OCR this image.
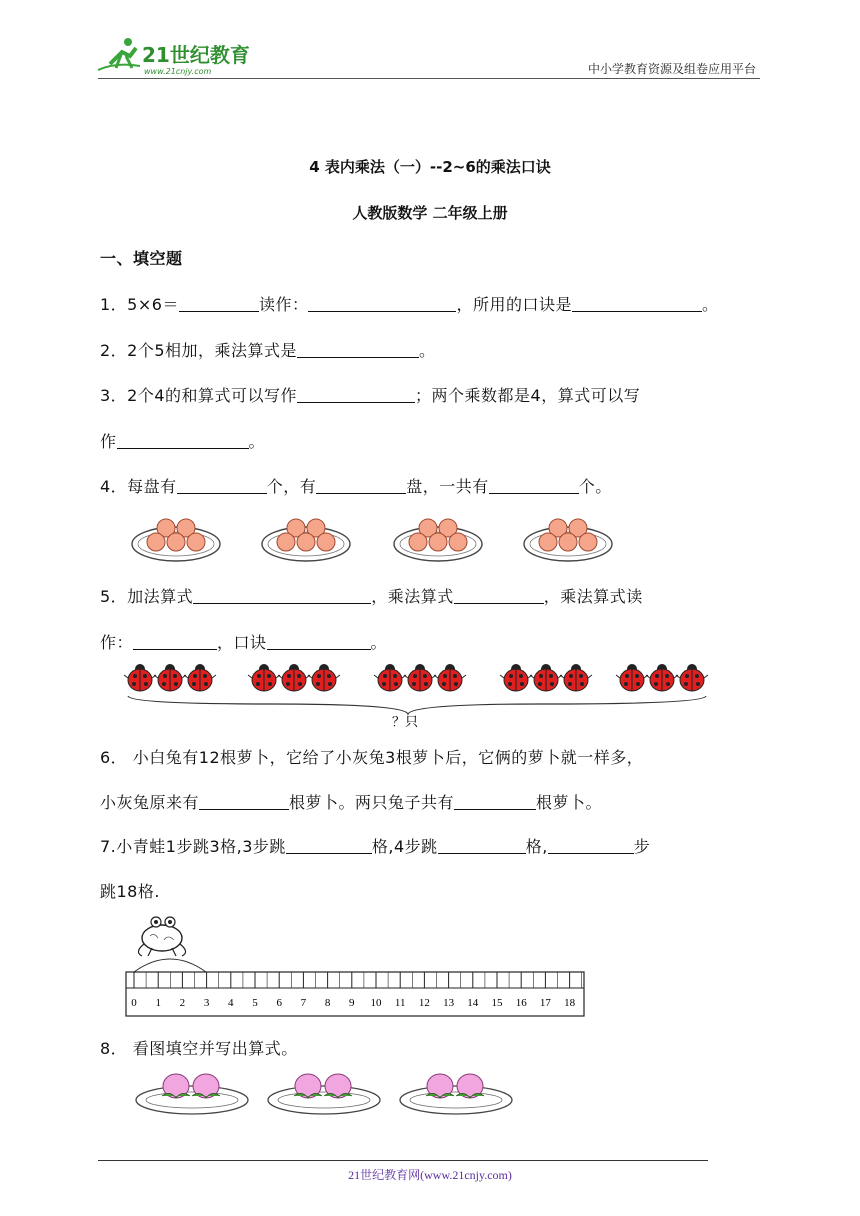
21世纪教育
www.21cnjy.com	中小学教育资源及组卷应用平台
4 表内乘法（一）--2~6的乘法口诀
人教版数学 二年级上册
一、填空题
1．5×6＝	读作：	，所用的口诀是	。
2．2个5相加，乘法算式是	。
3．2个4的和算式可以写作	；两个乘数都是4，算式可以写
作	。
4．每盘有	个，有	盘，一共有	个。
5．加法算式	，乘法算式	，乘法算式读
作：	，口诀	。
？只
6． 小白兔有12根萝卜，它给了小灰兔3根萝卜后，它俩的萝卜就一样多，
小灰兔原来有	根萝卜。两只兔子共有	根萝卜。
7.小青蛙1步跳3格,3步跳	格,4步跳	格,	步
跳18格.
0 1 2 3 4 5 6 7 8 9 10 11 12 13 14 15 16 17 18
8． 看图填空并写出算式。
21世纪教育网(www.21cnjy.com)
